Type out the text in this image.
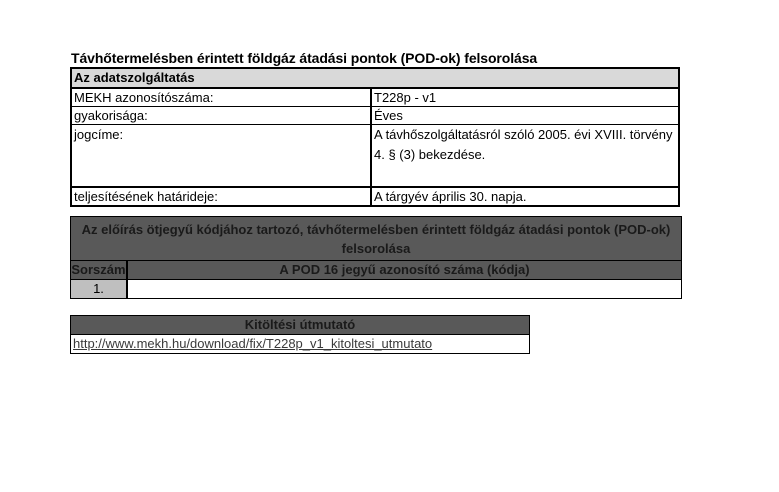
Távhőtermelésben érintett földgáz átadási pontok (POD-ok) felsorolása
Az adatszolgáltatás
MEKH azonosítószáma:	T228p - v1
gyakorisága:	Éves
jogcíme:	A távhőszolgáltatásról szóló 2005. évi XVIII. törvény 4. § (3) bekezdése.
teljesítésének határideje:	A tárgyév április 30. napja.
Az előírás ötjegyű kódjához tartozó, távhőtermelésben érintett földgáz átadási pontok (POD-ok) felsorolása
Sorszám	A POD 16 jegyű azonosító száma (kódja)
1.
Kitöltési útmutató
http://www.mekh.hu/download/fix/T228p_v1_kitoltesi_utmutato
